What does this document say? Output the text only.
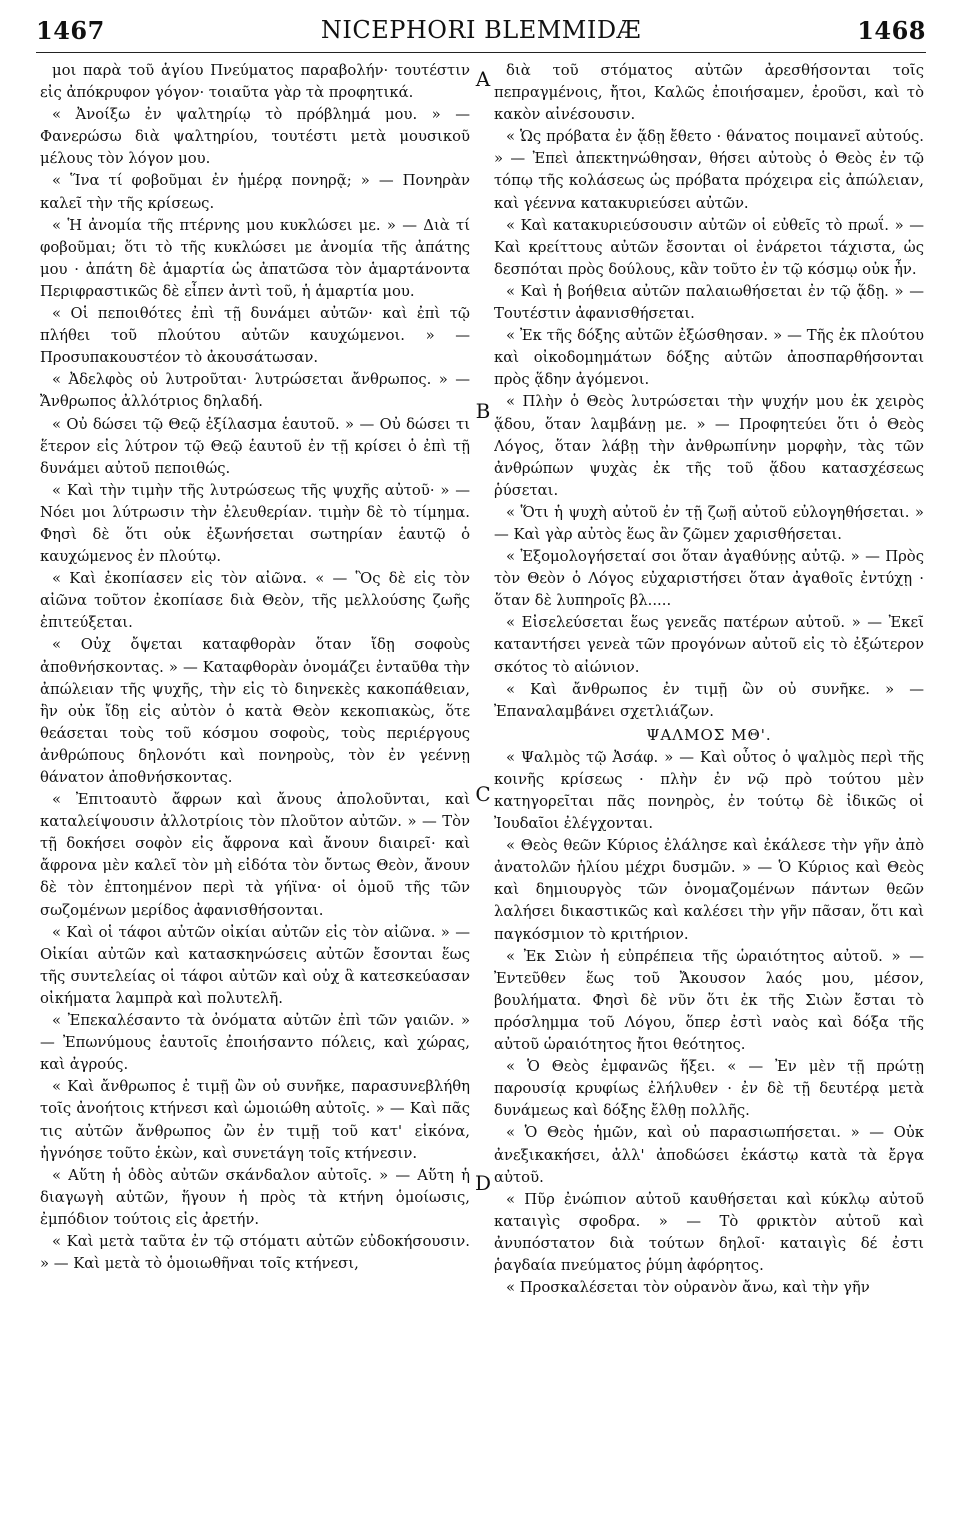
NICEPHORI BLEMMIDÆ
1467	1468

μοι παρὰ τοῦ ἁγίου Πνεύματος παραβολήν· τουτέστιν εἰς ἀπόκρυφον γόγον· τοιαῦτα γὰρ τὰ προφητικά.

« Ἀνοίξω ἐν ψαλτηρίῳ τὸ πρόβλημά μου. » — Φανερώσω διὰ ψαλτηρίου, τουτέστι μετὰ μουσικοῦ μέλους τὸν λόγον μου.

« Ἵνα τί φοβοῦμαι ἐν ἡμέρᾳ πονηρᾷ; » — Πονηρὰν καλεῖ τὴν τῆς κρίσεως.

« Ἡ ἀνομία τῆς πτέρνης μου κυκλώσει με. » — Διὰ τί φοβοῦμαι; ὅτι τὸ τῆς κυκλώσει με ἀνομία τῆς ἀπάτης μου · ἀπάτη δὲ ἁμαρτία ὡς ἀπατῶσα τὸν ἁμαρτάνοντα Περιφραστικῶς δὲ εἶπεν ἀντὶ τοῦ, ἡ ἁμαρτία μου.

« Οἱ πεποιθότες ἐπὶ τῇ δυνάμει αὐτῶν· καὶ ἐπὶ τῷ πλήθει τοῦ πλούτου αὐτῶν καυχώμενοι. » — Προσυπακουστέον τὸ ἀκουσάτωσαν.

« Ἀδελφὸς οὐ λυτροῦται· λυτρώσεται ἄνθρωπος. » — Ἄνθρωπος ἀλλότριος δηλαδή.

« Οὐ δώσει τῷ Θεῷ ἐξίλασμα ἑαυτοῦ. » — Οὐ δώσει τι ἕτερον εἰς λύτρον τῷ Θεῷ ἑαυτοῦ ἐν τῇ κρίσει ὁ ἐπὶ τῇ δυνάμει αὐτοῦ πεποιθώς.

« Καὶ τὴν τιμὴν τῆς λυτρώσεως τῆς ψυχῆς αὐτοῦ· » — Νόει μοι λύτρωσιν τὴν ἐλευθερίαν. τιμὴν δὲ τὸ τίμημα. Φησὶ δὲ ὅτι οὐκ ἐξωνήσεται σωτηρίαν ἑαυτῷ ὁ καυχώμενος ἐν πλούτῳ.

« Καὶ ἐκοπίασεν εἰς τὸν αἰῶνα. « — Ὃς δὲ εἰς τὸν αἰῶνα τοῦτον ἐκοπίασε διὰ Θεὸν, τῆς μελλούσης ζωῆς ἐπιτεύξεται.

« Οὐχ ὄψεται καταφθορὰν ὅταν ἴδῃ σοφοὺς ἀποθνήσκοντας. » — Καταφθορὰν ὀνομάζει ἐνταῦθα τὴν ἀπώλειαν τῆς ψυχῆς, τὴν εἰς τὸ διηνεκὲς κακοπάθειαν, ἣν οὐκ ἴδῃ εἰς αὐτὸν ὁ κατὰ Θεὸν κεκοπιακὼς, ὅτε θεάσεται τοὺς τοῦ κόσμου σοφοὺς, τοὺς περιέργους ἀνθρώπους δηλονότι καὶ πονηροὺς, τὸν ἐν γεέννῃ θάνατον ἀποθνήσκοντας.

« Ἐπιτοαυτὸ ἄφρων καὶ ἄνους ἀπολοῦνται, καὶ καταλείψουσιν ἀλλοτρίοις τὸν πλοῦτον αὐτῶν. » — Τὸν τῇ δοκήσει σοφὸν εἰς ἄφρονα καὶ ἄνουν διαιρεῖ· καὶ ἄφρονα μὲν καλεῖ τὸν μὴ εἰδότα τὸν ὄντως Θεὸν, ἄνουν δὲ τὸν ἐπτοημένον περὶ τὰ γήϊνα· οἱ ὁμοῦ τῆς τῶν σωζομένων μερίδος ἀφανισθήσονται.

« Καὶ οἱ τάφοι αὐτῶν οἰκίαι αὐτῶν εἰς τὸν αἰῶνα. » — Οἰκίαι αὐτῶν καὶ κατασκηνώσεις αὐτῶν ἔσονται ἕως τῆς συντελείας οἱ τάφοι αὐτῶν καὶ οὐχ ἃ κατεσκεύασαν οἰκήματα λαμπρὰ καὶ πολυτελῆ.

« Ἐπεκαλέσαντο τὰ ὀνόματα αὐτῶν ἐπὶ τῶν γαιῶν. » — Ἐπωνύμους ἑαυτοῖς ἐποιήσαντο πόλεις, καὶ χώρας, καὶ ἀγρούς.

« Καὶ ἄνθρωπος ἐ τιμῇ ὢν οὐ συνῆκε, παρασυνεβλήθη τοῖς ἀνοήτοις κτήνεσι καὶ ὡμοιώθη αὐτοῖς. » — Καὶ πᾶς τις αὐτῶν ἄνθρωπος ὢν ἐν τιμῇ τοῦ κατ' εἰκόνα, ἠγνόησε τοῦτο ἑκὼν, καὶ συνετάγη τοῖς κτήνεσιν.

« Αὕτη ἡ ὁδὸς αὐτῶν σκάνδαλον αὐτοῖς. » — Αὕτη ἡ διαγωγὴ αὐτῶν, ἥγουν ἡ πρὸς τὰ κτήνη ὁμοίωσις, ἐμπόδιον τούτοις εἰς ἀρετήν.

« Καὶ μετὰ ταῦτα ἐν τῷ στόματι αὐτῶν εὐδοκήσουσιν. » — Καὶ μετὰ τὸ ὁμοιωθῆναι τοῖς κτήνεσι,

A
B
C
D

διὰ τοῦ στόματος αὐτῶν ἀρεσθήσονται τοῖς πεπραγμένοις, ἤτοι, Καλῶς ἐποιήσαμεν, ἐροῦσι, καὶ τὸ κακὸν αἰνέσουσιν.

« Ὡς πρόβατα ἐν ᾅδῃ ἔθετο · θάνατος ποιμανεῖ αὐτούς. » — Ἐπεὶ ἀπεκτηνώθησαν, θήσει αὐτοὺς ὁ Θεὸς ἐν τῷ τόπῳ τῆς κολάσεως ὡς πρόβατα πρόχειρα εἰς ἀπώλειαν, καὶ γέεννα κατακυριεύσει αὐτῶν.

« Καὶ κατακυριεύσουσιν αὐτῶν οἱ εὐθεῖς τὸ πρωΐ. » — Καὶ κρείττους αὐτῶν ἔσονται οἱ ἐνάρετοι τάχιστα, ὡς δεσπόται πρὸς δούλους, κἂν τοῦτο ἐν τῷ κόσμῳ οὐκ ἦν.

« Καὶ ἡ βοήθεια αὐτῶν παλαιωθήσεται ἐν τῷ ᾅδῃ. » — Τουτέστιν ἀφανισθήσεται.

« Ἐκ τῆς δόξης αὐτῶν ἐξώσθησαν. » — Τῆς ἐκ πλούτου καὶ οἰκοδομημάτων δόξης αὐτῶν ἀποσπαρθήσονται πρὸς ᾅδην ἀγόμενοι.

« Πλὴν ὁ Θεὸς λυτρώσεται τὴν ψυχήν μου ἐκ χειρὸς ᾅδου, ὅταν λαμβάνῃ με. » — Προφητεύει ὅτι ὁ Θεὸς Λόγος, ὅταν λάβῃ τὴν ἀνθρωπίνην μορφὴν, τὰς τῶν ἀνθρώπων ψυχὰς ἐκ τῆς τοῦ ᾅδου κατασχέσεως ῥύσεται.

« Ὅτι ἡ ψυχὴ αὐτοῦ ἐν τῇ ζωῇ αὐτοῦ εὐλογηθήσεται. » — Καὶ γὰρ αὐτὸς ἕως ἂν ζῶμεν χαρισθήσεται.

« Ἐξομολογήσεταί σοι ὅταν ἀγαθύνῃς αὐτῷ. » — Πρὸς τὸν Θεὸν ὁ Λόγος εὐχαριστήσει ὅταν ἀγαθοῖς ἐντύχῃ · ὅταν δὲ λυπηροῖς βλ.....

« Εἰσελεύσεται ἕως γενεᾶς πατέρων αὐτοῦ. » — Ἐκεῖ καταντήσει γενεὰ τῶν προγόνων αὐτοῦ εἰς τὸ ἐξώτερον σκότος τὸ αἰώνιον.

« Καὶ ἄνθρωπος ἐν τιμῇ ὢν οὐ συνῆκε. » — Ἐπαναλαμβάνει σχετλιάζων.

ΨΑΛΜΟΣ ΜΘ'.

« Ψαλμὸς τῷ Ἀσάφ. » — Καὶ οὗτος ὁ ψαλμὸς περὶ τῆς κοινῆς κρίσεως · πλὴν ἐν νῷ πρὸ τούτου μὲν κατηγορεῖται πᾶς πονηρὸς, ἐν τούτῳ δὲ ἰδικῶς οἱ Ἰουδαῖοι ἐλέγχονται.

« Θεὸς θεῶν Κύριος ἐλάλησε καὶ ἐκάλεσε τὴν γῆν ἀπὸ ἀνατολῶν ἡλίου μέχρι δυσμῶν. » — Ὁ Κύριος καὶ Θεὸς καὶ δημιουργὸς τῶν ὀνομαζομένων πάντων θεῶν λαλήσει δικαστικῶς καὶ καλέσει τὴν γῆν πᾶσαν, ὅτι καὶ παγκόσμιον τὸ κριτήριον.

« Ἐκ Σιὼν ἡ εὐπρέπεια τῆς ὡραιότητος αὐτοῦ. » — Ἐντεῦθεν ἕως τοῦ Ἄκουσον λαός μου, μέσον, βουλήματα. Φησὶ δὲ νῦν ὅτι ἐκ τῆς Σιὼν ἔσται τὸ πρόσλημμα τοῦ Λόγου, ὅπερ ἐστὶ ναὸς καὶ δόξα τῆς αὐτοῦ ὡραιότητος ἤτοι θεότητος.

« Ὁ Θεὸς ἐμφανῶς ἥξει. « — Ἐν μὲν τῇ πρώτῃ παρουσίᾳ κρυφίως ἐλήλυθεν · ἐν δὲ τῇ δευτέρᾳ μετὰ δυνάμεως καὶ δόξης ἔλθῃ πολλῆς.

« Ὁ Θεὸς ἡμῶν, καὶ οὐ παρασιωπήσεται. » — Οὐκ ἀνεξικακήσει, ἀλλ' ἀποδώσει ἑκάστῳ κατὰ τὰ ἔργα αὐτοῦ.

« Πῦρ ἐνώπιον αὐτοῦ καυθήσεται καὶ κύκλῳ αὐτοῦ καταιγὶς σφοδρα. » — Τὸ φρικτὸν αὐτοῦ καὶ ἀνυπόστατον διὰ τούτων δηλοῖ· καταιγὶς δέ ἐστι ῥαγδαία πνεύματος ῥύμη ἀφόρητος.

« Προσκαλέσεται τὸν οὐρανὸν ἄνω, καὶ τὴν γῆν
